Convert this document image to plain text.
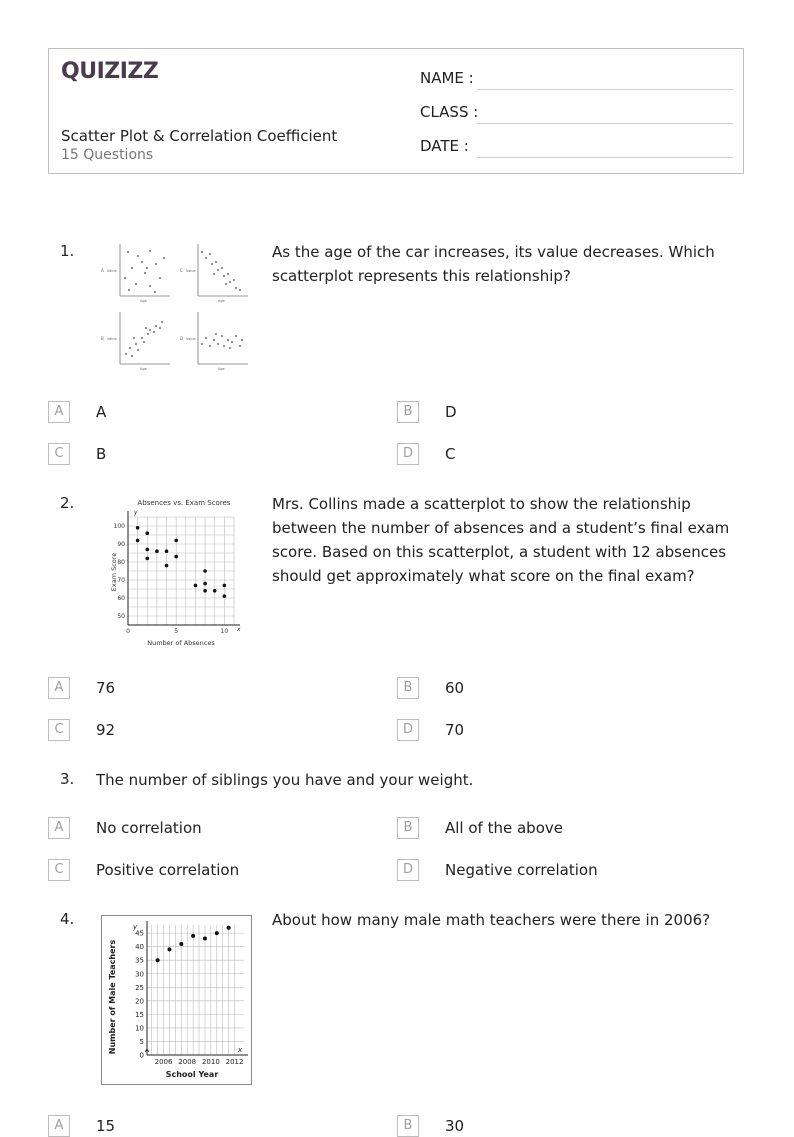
QUIZIZZ
Scatter Plot & Correlation Coefficient
15 Questions
NAME :
CLASS :
DATE :
1.
A Value
Age
C Value
Age
B Value
Age
D Value
Age
As the age of the car increases, its value decreases. Which scatterplot represents this relationship?
A	A	B	D
C	B	D	C
2.	Absences vs. Exam Scores
0	5	10
50
60
70
80
90
100
y
x
Number of Absences
Exam Score
Mrs. Collins made a scatterplot to show the relationship between the number of absences and a student’s final exam score. Based on this scatterplot, a student with 12 absences should get approximately what score on the final exam?
A	76	B	60
C	92	D	70
3. The number of siblings you have and your weight.
A	No correlation	B	All of the above
C	Positive correlation	D	Negative correlation
4.
2006 2008 2010 2012
0
5
10
15
20
25
30
35
40
45
y
x
School Year
Number of Male Teachers
About how many male math teachers were there in 2006?
A	15	B	30
